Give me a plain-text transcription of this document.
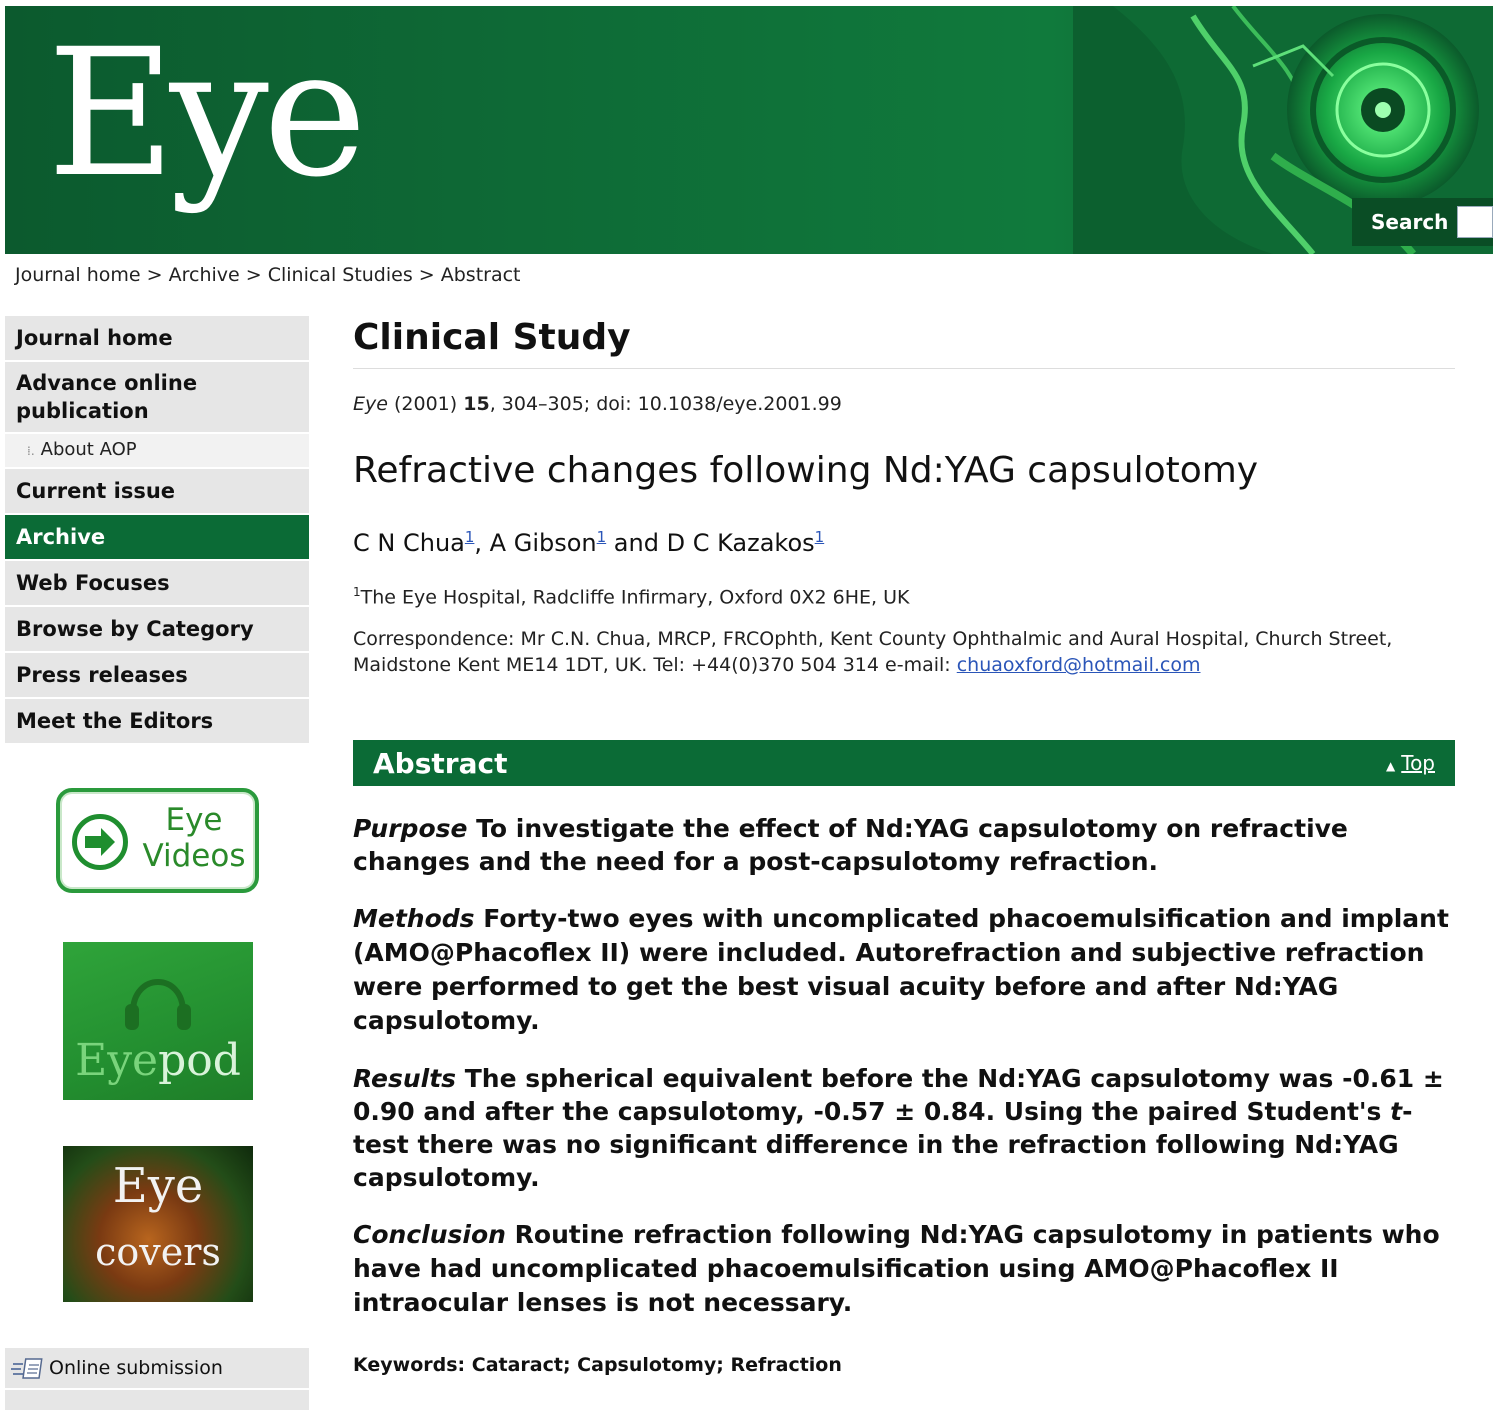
Eye
Search
Journal home > Archive > Clinical Studies > Abstract
Journal home
Advance online publication
⁞. About AOP
Current issue
Archive
Web Focuses
Browse by Category
Press releases
Meet the Editors
Eye Videos
Eyepod
Eye
covers
Online submission
Clinical Study
Eye (2001) 15, 304–305; doi: 10.1038/eye.2001.99
Refractive changes following Nd:YAG capsulotomy
C N Chua$^1$, A Gibson$^1$ and D C Kazakos$^1$
$^1$The Eye Hospital, Radcliffe Infirmary, Oxford 0X2 6HE, UK
Correspondence: Mr C.N. Chua, MRCP, FRCOphth, Kent County Ophthalmic and Aural Hospital, Church Street, Maidstone Kent ME14 1DT, UK. Tel: +44(0)370 504 314 e-mail: chuaoxford@hotmail.com
Abstract	▲ Top

Purpose To investigate the effect of Nd:YAG capsulotomy on refractive changes and the need for a post-capsulotomy refraction.

Methods Forty-two eyes with uncomplicated phacoemulsification and implant (AMO@Phacoflex II) were included. Autorefraction and subjective refraction were performed to get the best visual acuity before and after Nd:YAG capsulotomy.

Results The spherical equivalent before the Nd:YAG capsulotomy was -0.61 ± 0.90 and after the capsulotomy, -0.57 ± 0.84. Using the paired Student's t-test there was no significant difference in the refraction following Nd:YAG capsulotomy.

Conclusion Routine refraction following Nd:YAG capsulotomy in patients who have had uncomplicated phacoemulsification using AMO@Phacoflex II intraocular lenses is not necessary.

Keywords: Cataract; Capsulotomy; Refraction
